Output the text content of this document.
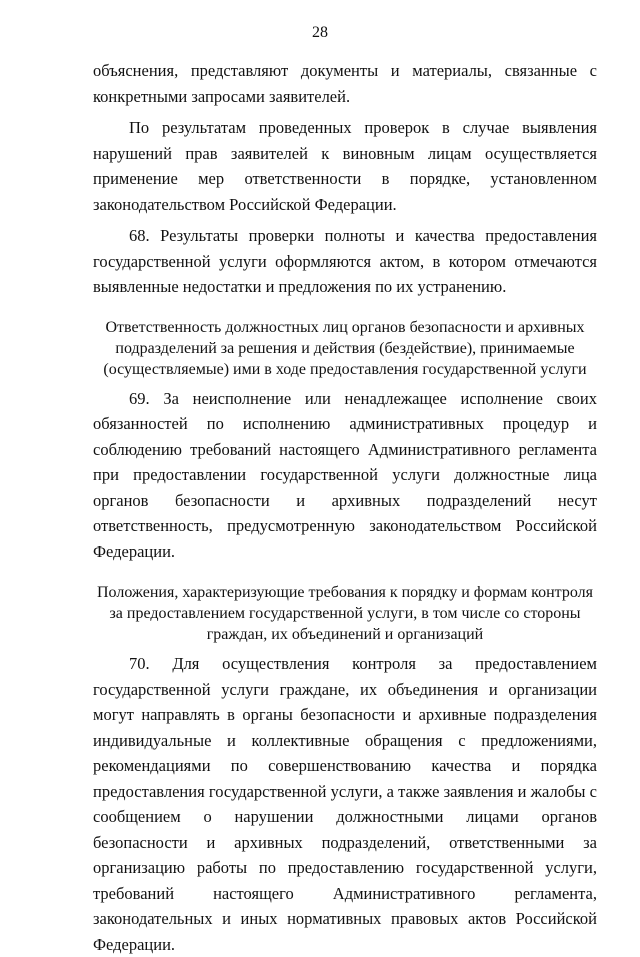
28

объяснения, представляют документы и материалы, связанные с конкретными запросами заявителей.

По результатам проведенных проверок в случае выявления нарушений прав заявителей к виновным лицам осуществляется применение мер ответственности в порядке, установленном законодательством Российской Федерации.

68. Результаты проверки полноты и качества предоставления государственной услуги оформляются актом, в котором отмечаются выявленные недостатки и предложения по их устранению.

Ответственность должностных лиц органов безопасности и архивных подразделений за решения и действия (бездействие), принимаемые (осуществляемые) ими в ходе предоставления государственной услуги

69. За неисполнение или ненадлежащее исполнение своих обязанностей по исполнению административных процедур и соблюдению требований настоящего Административного регламента при предоставлении государственной услуги должностные лица органов безопасности и архивных подразделений несут ответственность, предусмотренную законодательством Российской Федерации.

Положения, характеризующие требования к порядку и формам контроля за предоставлением государственной услуги, в том числе со стороны граждан, их объединений и организаций

70. Для осуществления контроля за предоставлением государственной услуги граждане, их объединения и организации могут направлять в органы безопасности и архивные подразделения индивидуальные и коллективные обращения с предложениями, рекомендациями по совершенствованию качества и порядка предоставления государственной услуги, а также заявления и жалобы с сообщением о нарушении должностными лицами органов безопасности и архивных подразделений, ответственными за организацию работы по предоставлению государственной услуги, требований настоящего Административного регламента, законодательных и иных нормативных правовых актов Российской Федерации.
